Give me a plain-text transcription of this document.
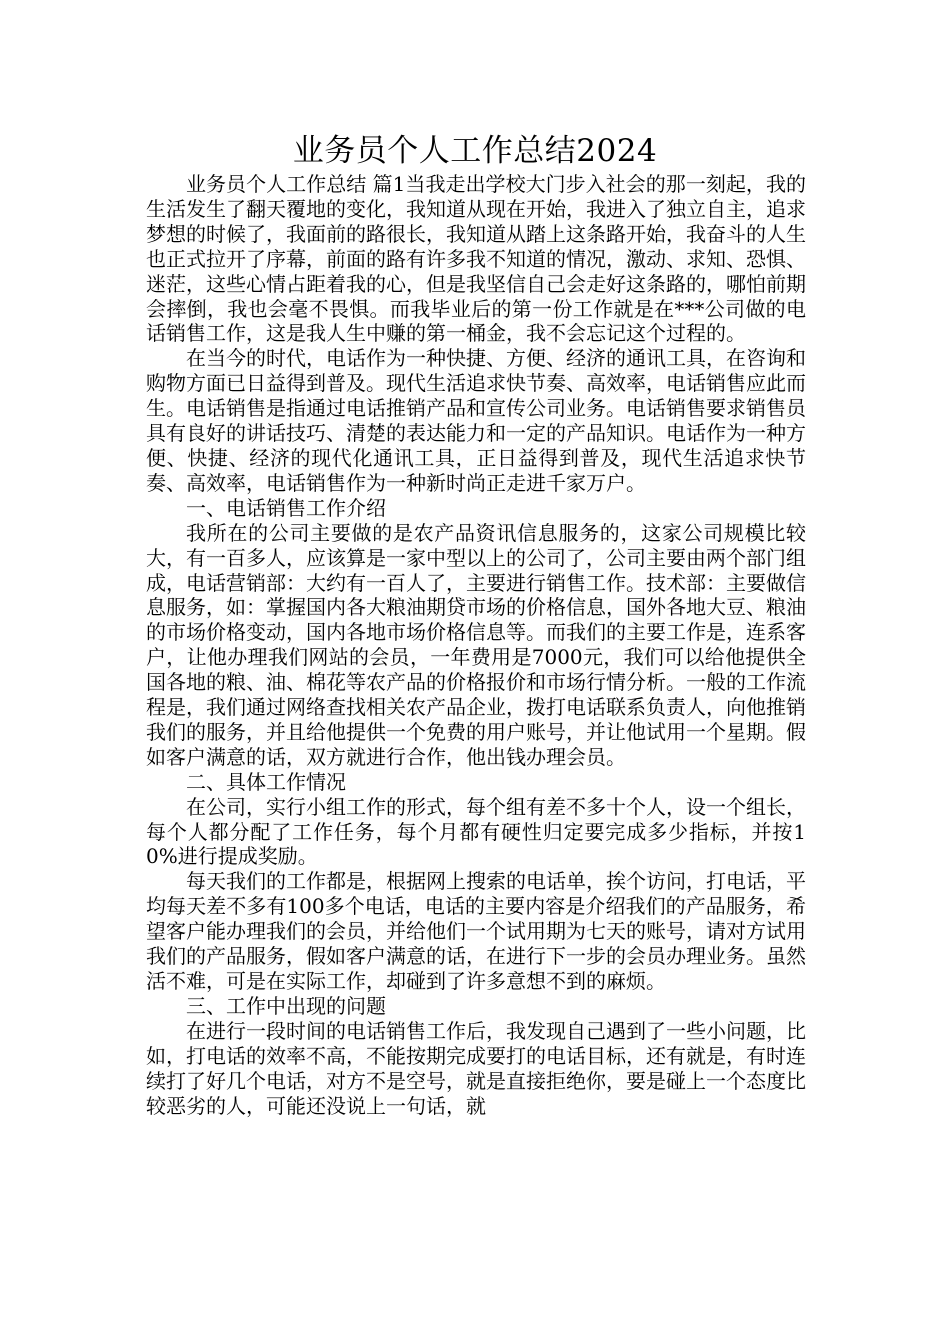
业务员个人工作总结2024

业务员个人工作总结 篇1当我走出学校大门步入社会的那一刻起，我的生活发生了翻天覆地的变化，我知道从现在开始，我进入了独立自主，追求梦想的时候了，我面前的路很长，我知道从踏上这条路开始，我奋斗的人生也正式拉开了序幕，前面的路有许多我不知道的情况，激动、求知、恐惧、迷茫，这些心情占距着我的心，但是我坚信自己会走好这条路的，哪怕前期会摔倒，我也会毫不畏惧。而我毕业后的第一份工作就是在***公司做的电话销售工作，这是我人生中赚的第一桶金，我不会忘记这个过程的。

在当今的时代，电话作为一种快捷、方便、经济的通讯工具，在咨询和购物方面已日益得到普及。现代生活追求快节奏、高效率，电话销售应此而生。电话销售是指通过电话推销产品和宣传公司业务。电话销售要求销售员具有良好的讲话技巧、清楚的表达能力和一定的产品知识。电话作为一种方便、快捷、经济的现代化通讯工具，正日益得到普及，现代生活追求快节奏、高效率，电话销售作为一种新时尚正走进千家万户。

一、电话销售工作介绍

我所在的公司主要做的是农产品资讯信息服务的，这家公司规模比较大，有一百多人，应该算是一家中型以上的公司了，公司主要由两个部门组成，电话营销部：大约有一百人了，主要进行销售工作。技术部：主要做信息服务，如：掌握国内各大粮油期贷市场的价格信息，国外各地大豆、粮油的市场价格变动，国内各地市场价格信息等。而我们的主要工作是，连系客户，让他办理我们网站的会员，一年费用是7000元，我们可以给他提供全国各地的粮、油、棉花等农产品的价格报价和市场行情分析。一般的工作流程是，我们通过网络查找相关农产品企业，拨打电话联系负责人，向他推销我们的服务，并且给他提供一个免费的用户账号，并让他试用一个星期。假如客户满意的话，双方就进行合作，他出钱办理会员。

二、具体工作情况

在公司，实行小组工作的形式，每个组有差不多十个人，设一个组长，每个人都分配了工作任务，每个月都有硬性归定要完成多少指标，并按10%进行提成奖励。

每天我们的工作都是，根据网上搜索的电话单，挨个访问，打电话，平均每天差不多有100多个电话，电话的主要内容是介绍我们的产品服务，希望客户能办理我们的会员，并给他们一个试用期为七天的账号，请对方试用我们的产品服务，假如客户满意的话，在进行下一步的会员办理业务。虽然活不难，可是在实际工作，却碰到了许多意想不到的麻烦。

三、工作中出现的问题

在进行一段时间的电话销售工作后，我发现自己遇到了一些小问题，比如，打电话的效率不高，不能按期完成要打的电话目标，还有就是，有时连续打了好几个电话，对方不是空号，就是直接拒绝你，要是碰上一个态度比较恶劣的人，可能还没说上一句话，就
